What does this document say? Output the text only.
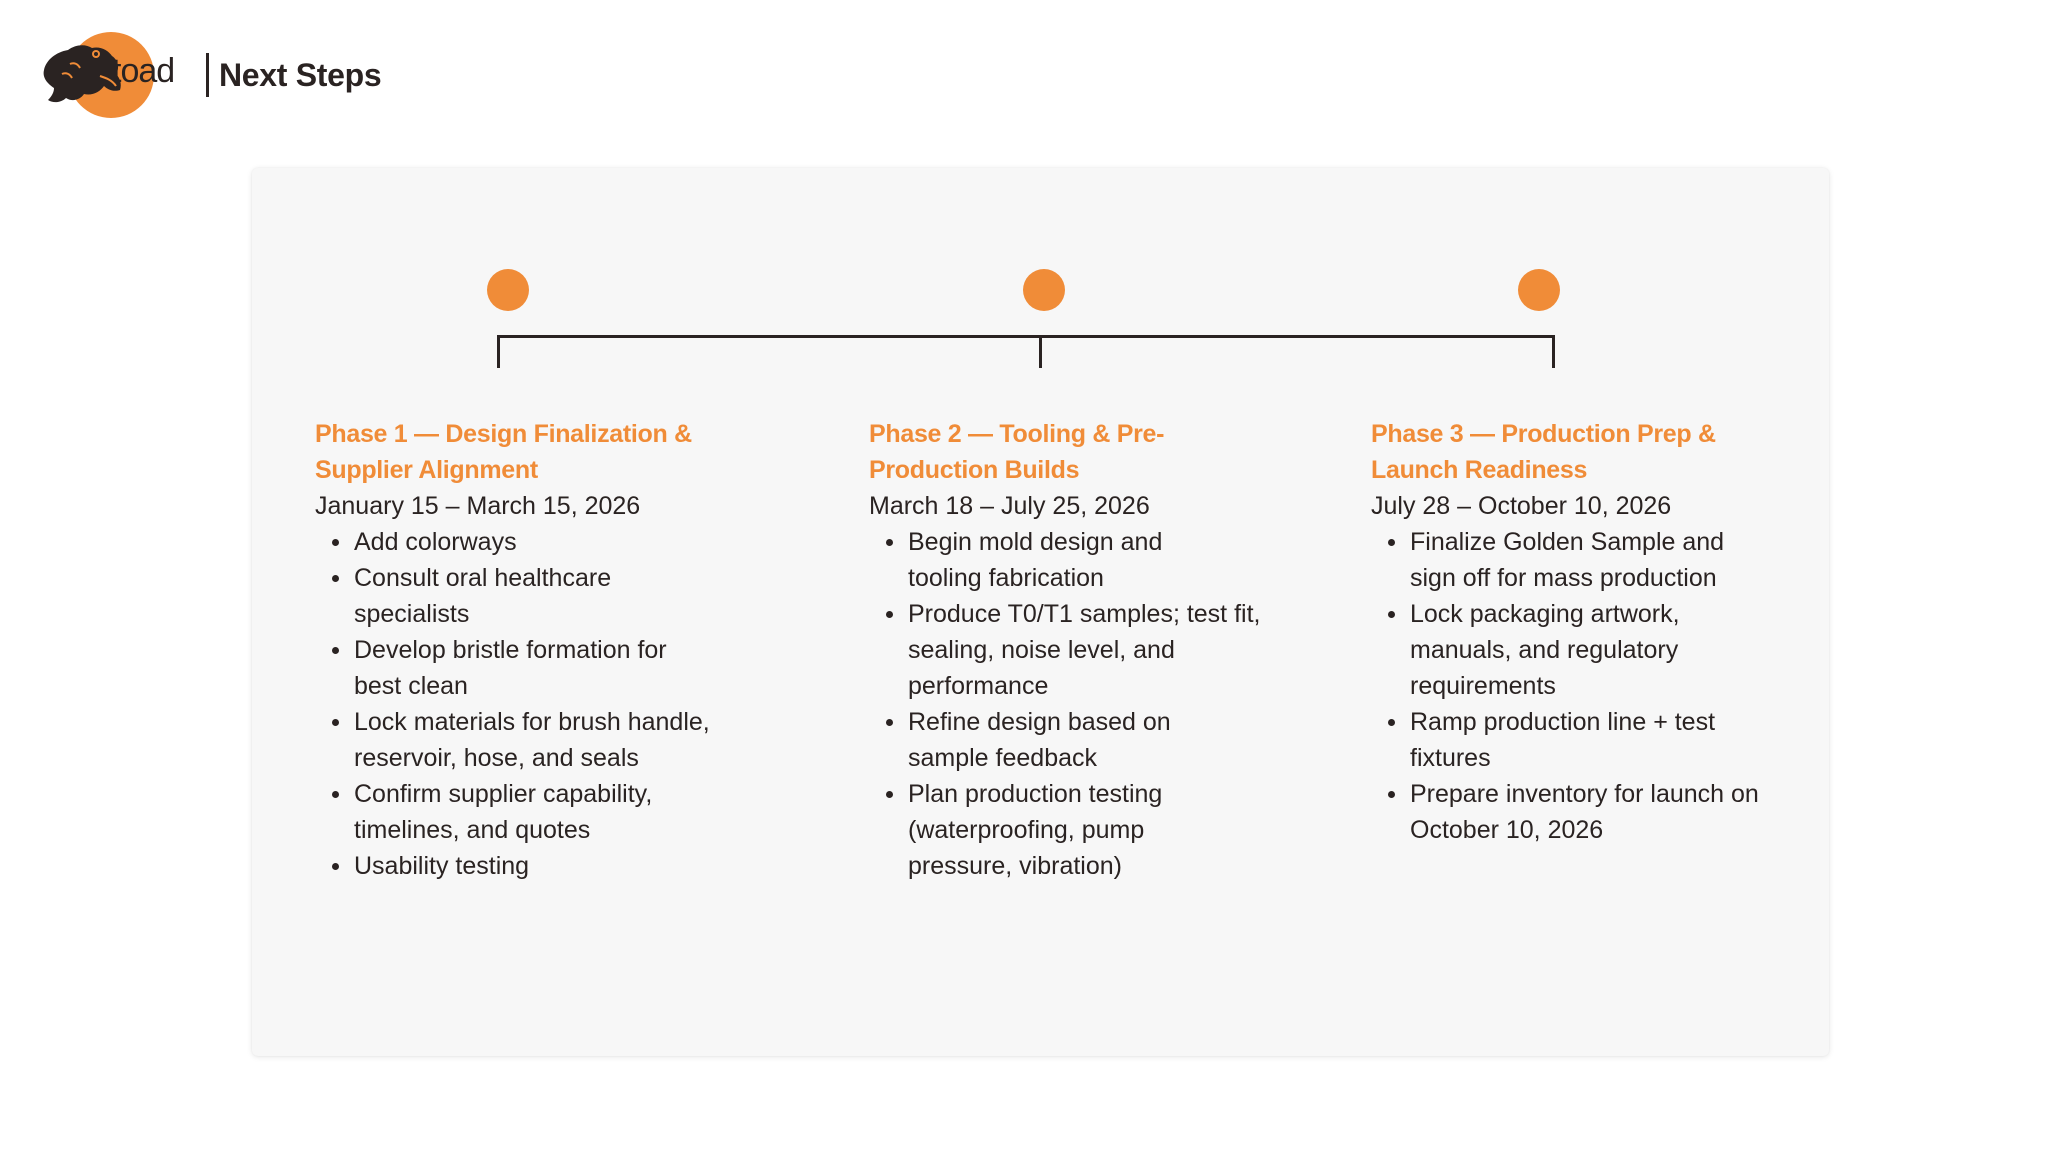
toad Next Steps

Phase 1 — Design Finalization & Supplier Alignment

January 15 – March 15, 2026

Add colorways
Consult oral healthcare specialists
Develop bristle formation for best clean
Lock materials for brush handle, reservoir, hose, and seals
Confirm supplier capability, timelines, and quotes
Usability testing

Phase 2 — Tooling & Pre-Production Builds

March 18 – July 25, 2026

Begin mold design and tooling fabrication
Produce T0/T1 samples; test fit, sealing, noise level, and performance
Refine design based on sample feedback
Plan production testing (waterproofing, pump pressure, vibration)

Phase 3 — Production Prep & Launch Readiness

July 28 – October 10, 2026

Finalize Golden Sample and sign off for mass production
Lock packaging artwork, manuals, and regulatory requirements
Ramp production line + test fixtures
Prepare inventory for launch on October 10, 2026
